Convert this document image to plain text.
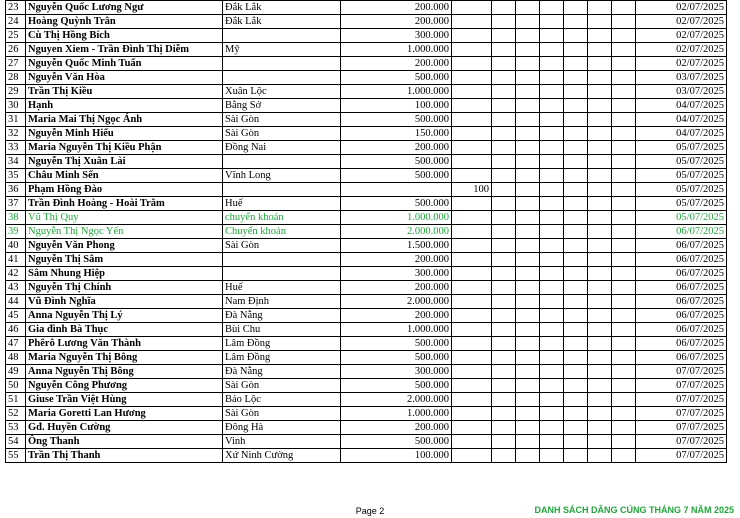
23	Nguyễn Quốc Lương Ngư	Đắk Lắk	200.000								02/07/2025
24	Hoàng Quỳnh Trân	Đắk Lắk	200.000								02/07/2025
25	Cù Thị Hồng Bích		300.000								02/07/2025
26	Nguyen Xiem - Trần Đình Thị Diễm	Mỹ	1.000.000								02/07/2025
27	Nguyễn Quốc Minh Tuấn		200.000								02/07/2025
28	Nguyễn Văn Hòa		500.000								03/07/2025
29	Trần Thị Kiều	Xuân Lộc	1.000.000								03/07/2025
30	Hạnh	Bằng Sở	100.000								04/07/2025
31	Maria Mai Thị Ngọc Ánh	Sài Gòn	500.000								04/07/2025
32	Nguyễn Minh Hiếu	Sài Gòn	150.000								04/07/2025
33	Maria Nguyễn Thị Kiều Phận	Đồng Nai	200.000								05/07/2025
34	Nguyễn Thị Xuân Lài		500.000								05/07/2025
35	Châu Minh Sến	Vĩnh Long	500.000								05/07/2025
36	Phạm Hồng Đào			100							05/07/2025
37	Trần Đình Hoàng - Hoài Trâm	Huế	500.000								05/07/2025
38	Vũ Thị Quy	chuyển khoản	1.000.000								05/07/2025
39	Nguyễn Thị Ngọc Yến	Chuyển khoản	2.000.000								06/07/2025
40	Nguyễn Văn Phong	Sài Gòn	1.500.000								06/07/2025
41	Nguyễn Thị Sâm		200.000								06/07/2025
42	Sâm Nhung Hiệp		300.000								06/07/2025
43	Nguyễn Thị Chính	Huế	200.000								06/07/2025
44	Vũ Đình Nghĩa	Nam Định	2.000.000								06/07/2025
45	Anna Nguyễn Thị Lý	Đà Nẵng	200.000								06/07/2025
46	Gia đình Bà Thục	Bùi Chu	1.000.000								06/07/2025
47	Phêrô Lương Văn Thành	Lâm Đồng	500.000								06/07/2025
48	Maria Nguyễn Thị Bông	Lâm Đồng	500.000								06/07/2025
49	Anna Nguyễn Thị Bông	Đà Nẵng	300.000								07/07/2025
50	Nguyễn Công Phương	Sài Gòn	500.000								07/07/2025
51	Giuse Trần Việt Hùng	Bảo Lộc	2.000.000								07/07/2025
52	Maria Goretti Lan Hương	Sài Gòn	1.000.000								07/07/2025
53	Gđ. Huyền Cường	Đông Hà	200.000								07/07/2025
54	Ông Thanh	Vinh	500.000								07/07/2025
55	Trần Thị Thanh	Xứ Ninh Cường	100.000								07/07/2025
Page 2	DANH SÁCH DÂNG CÚNG THÁNG 7 NĂM 2025
